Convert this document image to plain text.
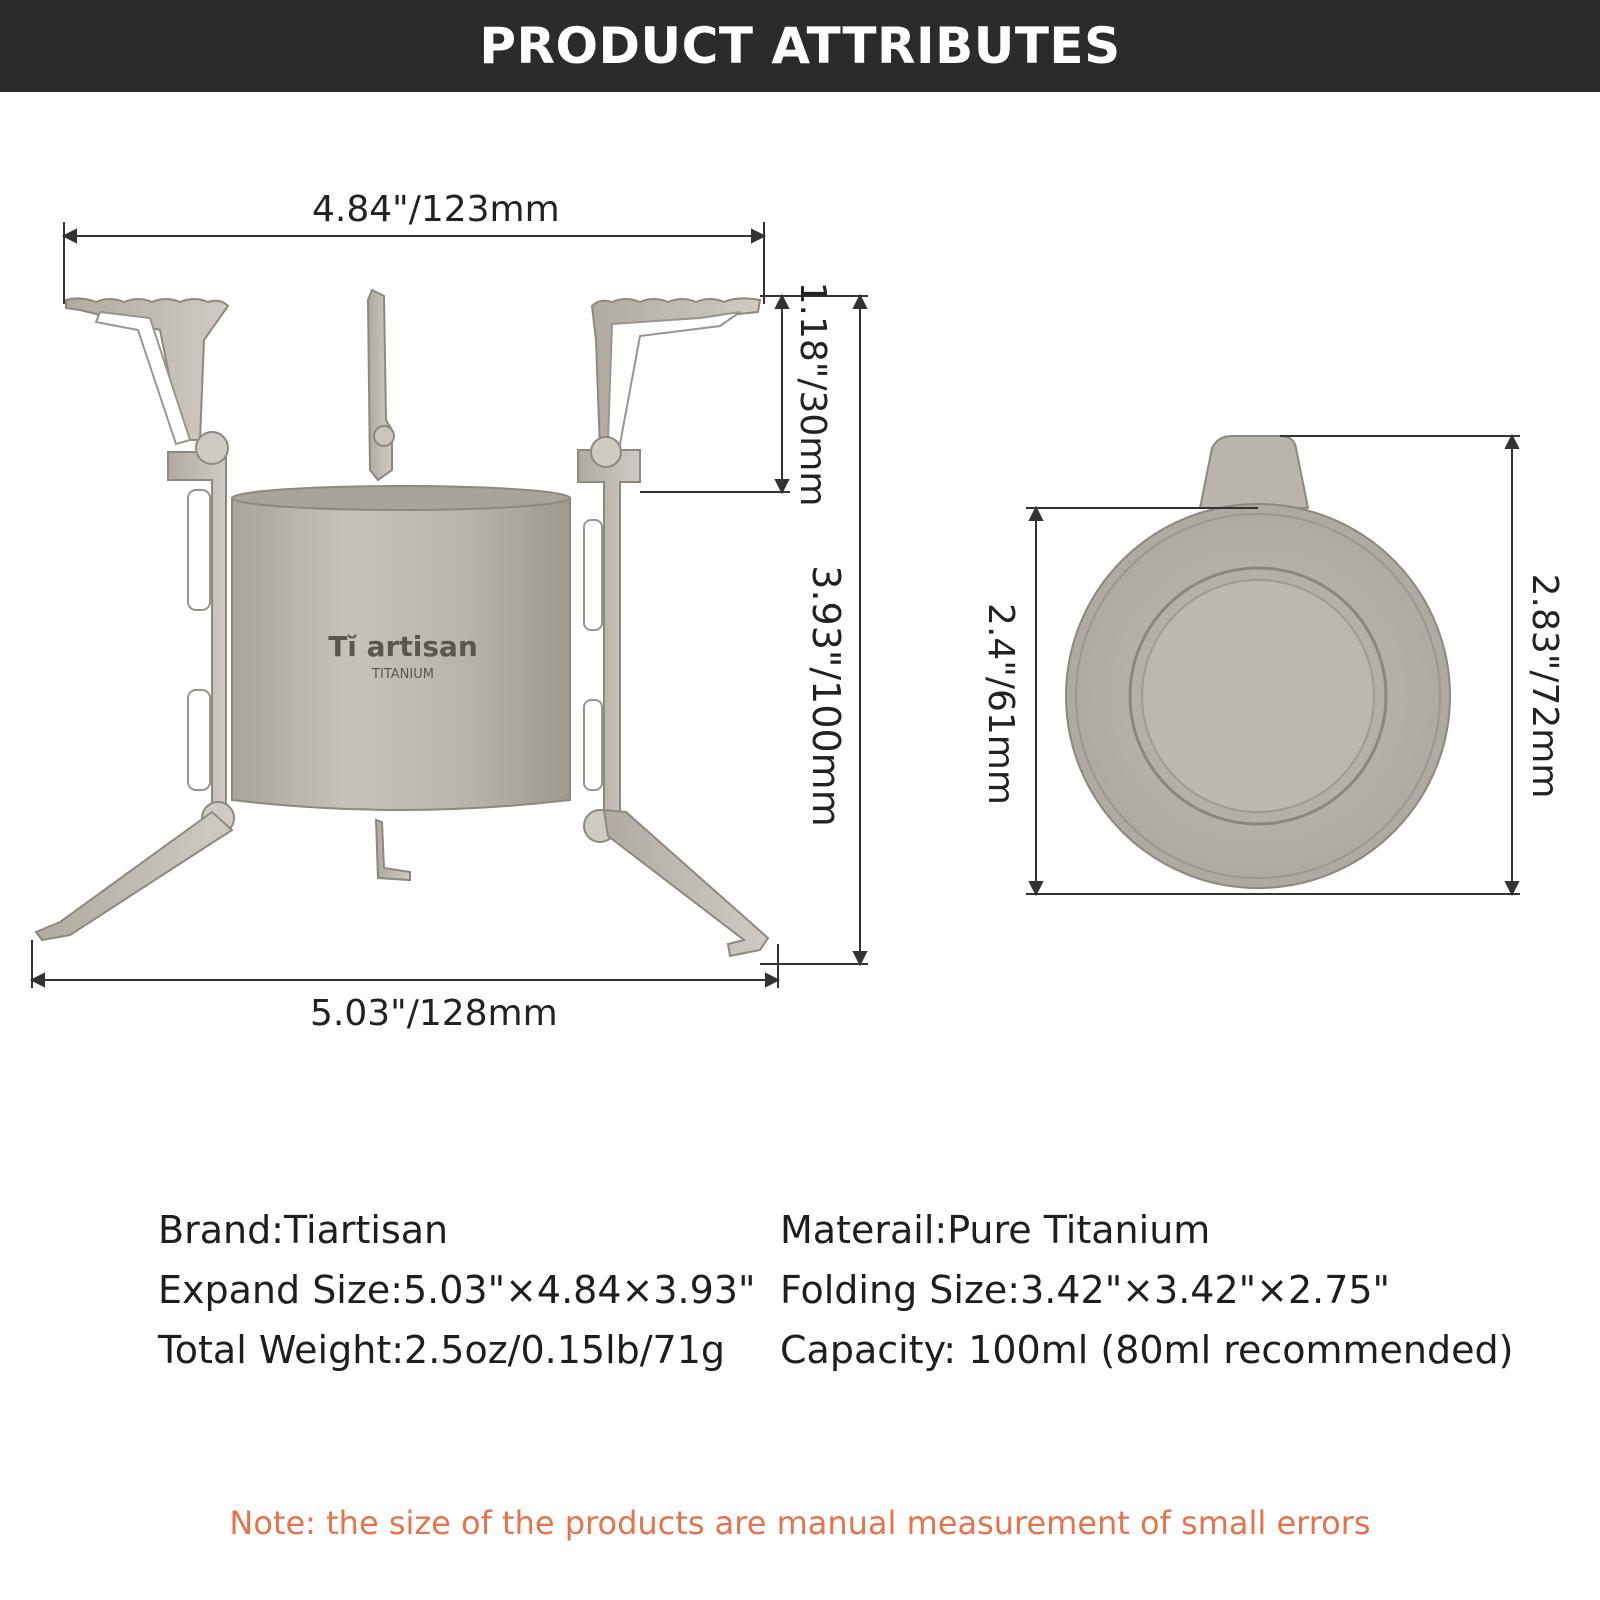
PRODUCT ATTRIBUTES
Tĭ artisan
TITANIUM
4.84"/123mm
5.03"/128mm
1.18"/30mm
3.93"/100mm	2.4"/61mm	2.83"/72mm
Brand: Tiartisan	Materail: Pure Titanium
Expand Size: 5.03"×4.84×3.93" Folding Size: 3.42"×3.42"×2.75"
Total Weight: 2.5oz/0.15lb/71g Capacity: 100ml (80ml recommended)
Note: the size of the products are manual measurement of small errors
